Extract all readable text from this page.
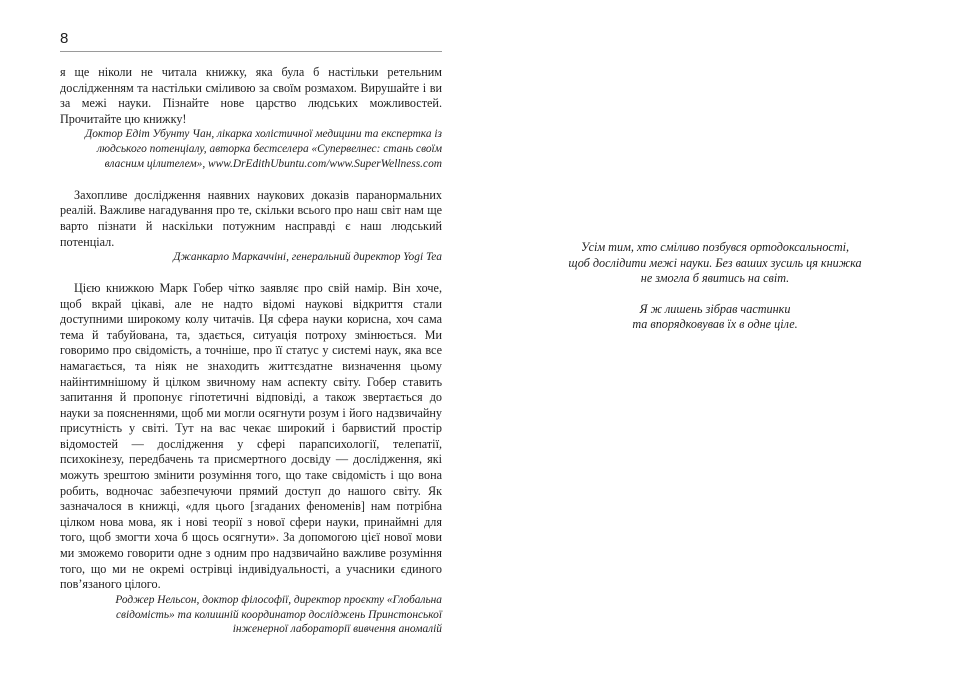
8

я ще ніколи не читала книжку, яка була б настільки ретельним дослідженням та настільки сміливою за своїм розмахом. Вирушайте і ви за межі науки. Пізнайте нове царство людських можливостей. Прочитайте цю книжку!

Доктор Едіт Убунту Чан, лікарка холістичної медицини та експертка із людського потенціалу, авторка бестселера «Супервелнес: стань своїм власним цілителем», www.DrEdithUbuntu.com/www.SuperWellness.com

Захопливе дослідження наявних наукових доказів паранормальних реалій. Важливе нагадування про те, скільки всього про наш світ нам ще варто пізнати й наскільки потужним насправді є наш людський потенціал.

Джанкарло Маркаччіні, генеральний директор Yogi Tea

Цією книжкою Марк Гобер чітко заявляє про свій намір. Він хоче, щоб вкрай цікаві, але не надто відомі наукові відкриття стали доступними широкому колу читачів. Ця сфера науки корисна, хоч сама тема й табуйована, та, здається, ситуація потроху змінюється. Ми говоримо про свідомість, а точніше, про її статус у системі наук, яка все намагається, та ніяк не знаходить життєздатне визначення цьому найінтимнішому й цілком звичному нам аспекту світу. Гобер ставить запитання й пропонує гіпотетичні відповіді, а також звертається до науки за поясненнями, щоб ми могли осягнути розум і його надзвичайну присутність у світі. Тут на вас чекає широкий і барвистий простір відомостей — дослідження у сфері парапсихології, телепатії, психокінезу, передбачень та присмертного досвіду — дослідження, які можуть зрештою змінити розуміння того, що таке свідомість і що вона робить, водночас забезпечуючи прямий доступ до нашого світу. Як зазначалося в книжці, «для цього [згаданих феноменів] нам потрібна цілком нова мова, як і нові теорії з нової сфери науки, принаймні для того, щоб змогти хоча б щось осягнути». За допомогою цієї нової мови ми зможемо говорити одне з одним про надзвичайно важливе розуміння того, що ми не окремі острівці індивідуальності, а учасники єдиного пов’язаного цілого.

Роджер Нельсон, доктор філософії, директор проєкту «Глобальна свідомість» та колишній координатор досліджень Принстонської інженерної лабораторії вивчення аномалій

Усім тим, хто сміливо позбувся ортодоксальності,

щоб дослідити межі науки. Без ваших зусиль ця книжка

не змогла б явитись на світ.

Я ж лишень зібрав частинки

та впорядковував їх в одне ціле.
